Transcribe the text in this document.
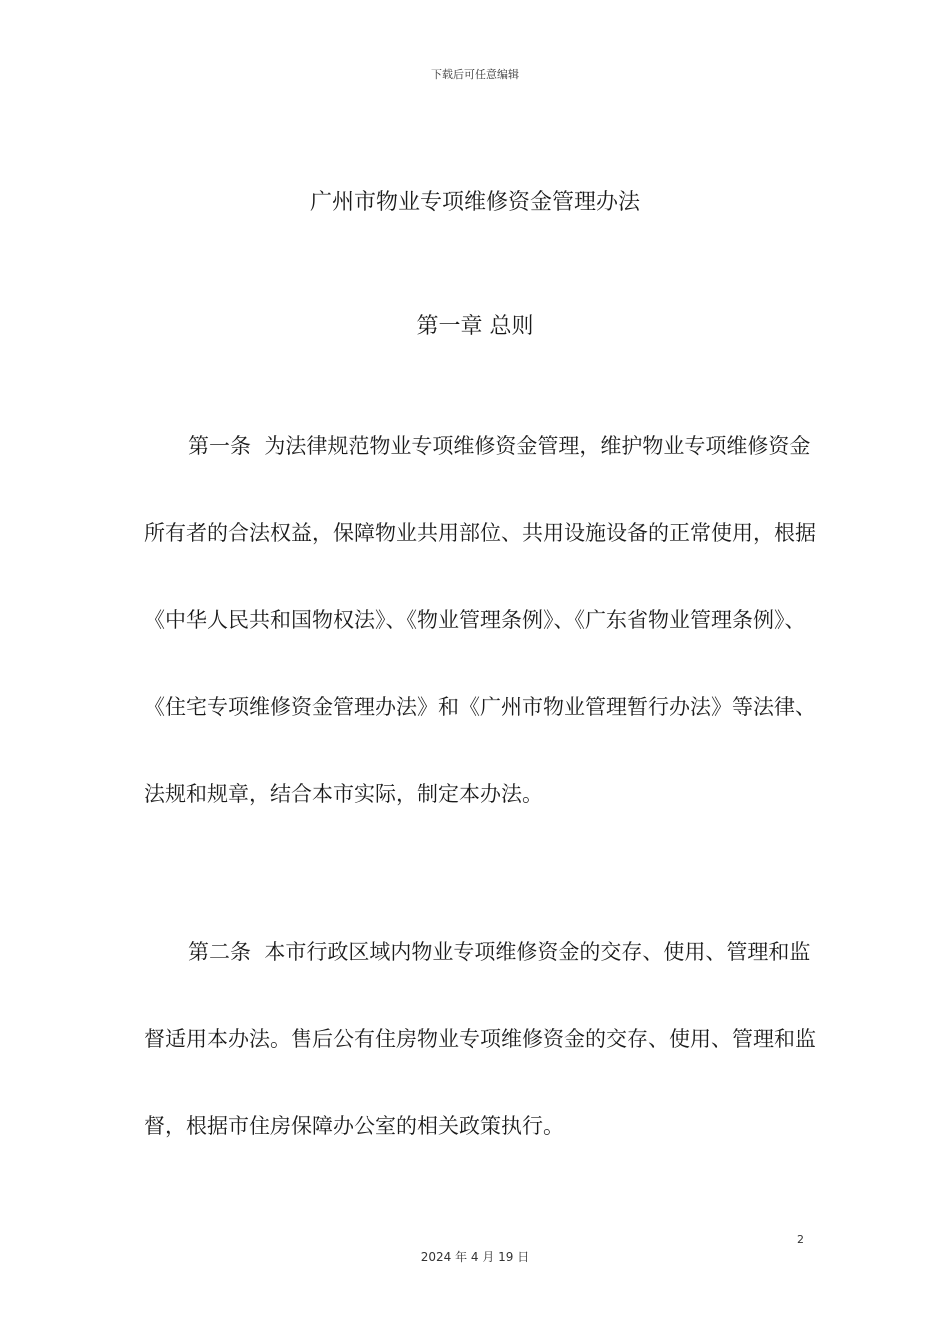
下载后可任意编辑
广州市物业专项维修资金管理办法
第一章 总则

第一条  为法律规范物业专项维修资金管理，维护物业专项维修资金所有者的合法权益，保障物业共用部位、共用设施设备的正常使用，根据《中华人民共和国物权法》、《物业管理条例》、《广东省物业管理条例》、《住宅专项维修资金管理办法》和《广州市物业管理暂行办法》等法律、法规和规章，结合本市实际，制定本办法。

第二条  本市行政区域内物业专项维修资金的交存、使用、管理和监督适用本办法。售后公有住房物业专项维修资金的交存、使用、管理和监督，根据市住房保障办公室的相关政策执行。

2
2024 年 4 月 19 日
